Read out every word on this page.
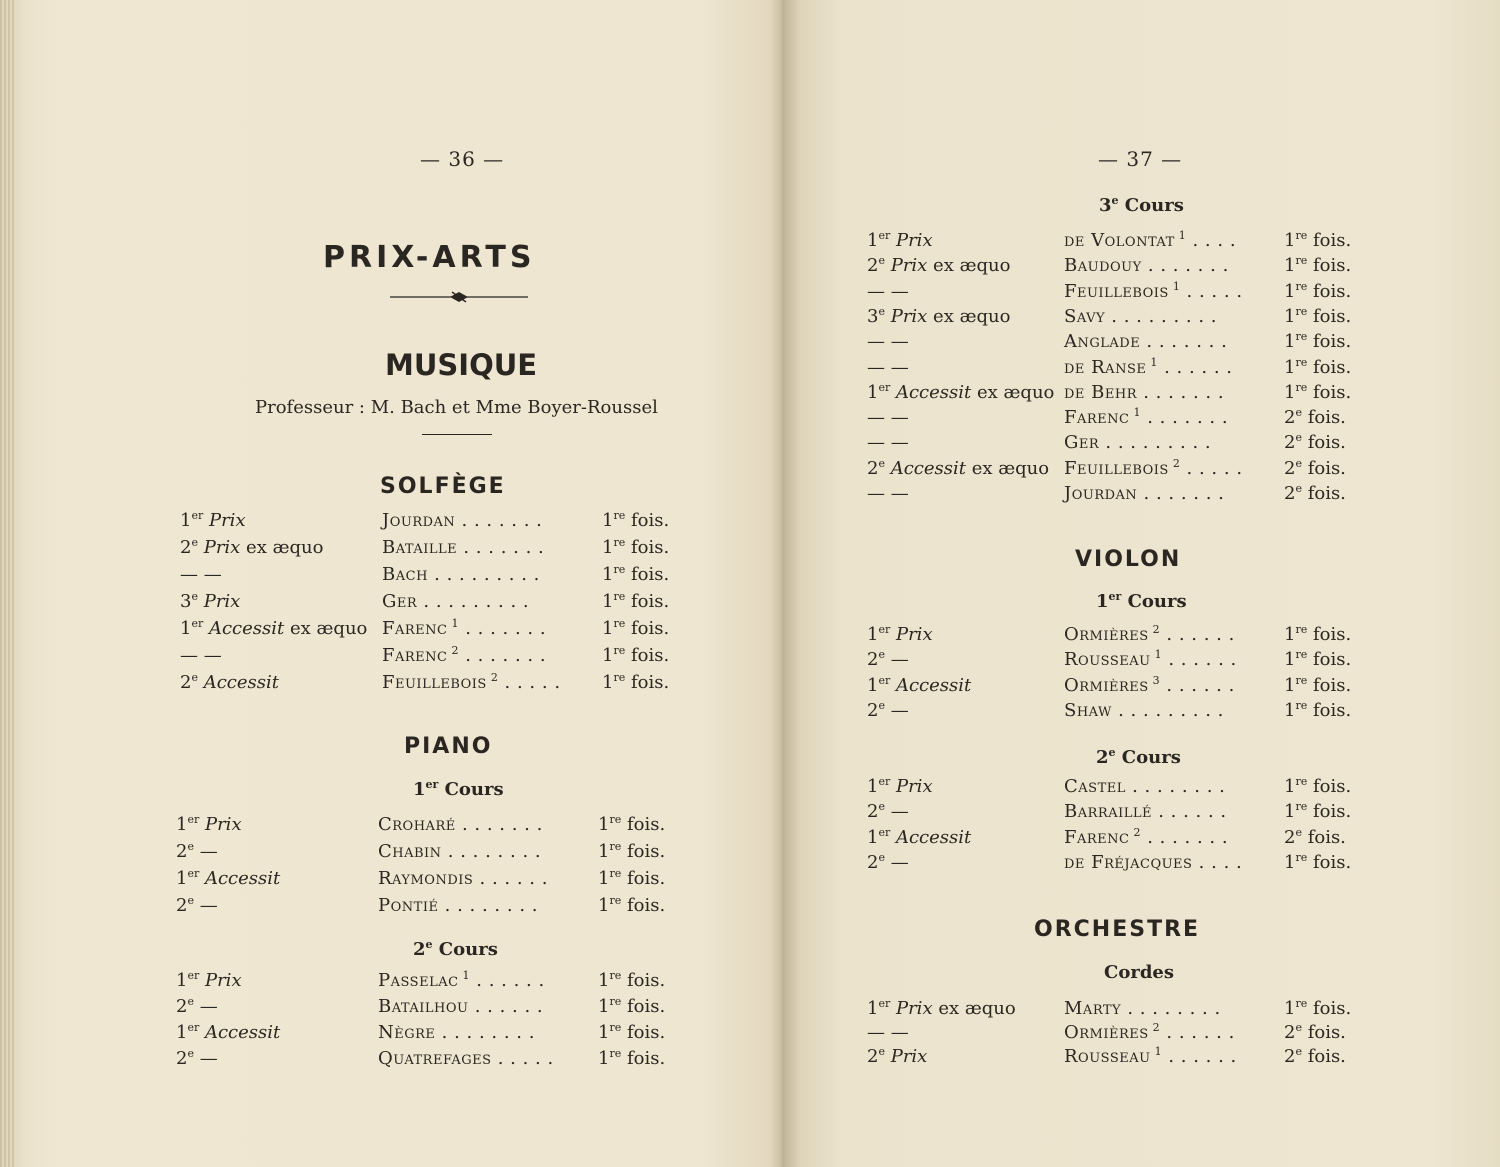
— 36 —
PRIX-ARTS
MUSIQUE
Professeur : M. Bach et Mme Boyer-Roussel
SOLFÈGE
1er Prix	Jourdan . . . . . . .	1re fois.
2e Prix ex æquo	Bataille . . . . . . .	1re fois.
— —	Bach . . . . . . . . .	1re fois.
3e Prix	Ger . . . . . . . . .	1re fois.
1er Accessit ex æquo Farenc $^1$ . . . . . . .	1re fois.
— —	Farenc $^2$ . . . . . . .	1re fois.
2e Accessit	Feuillebois $^2$ . . . . . 1re fois.
PIANO
1er Cours
1er Prix	Croharé . . . . . . .	1re fois.
2e —	Chabin . . . . . . . .	1re fois.
1er Accessit	Raymondis . . . . . .	1re fois.
2e —	Pontié . . . . . . . .	1re fois.
2e Cours
1er Prix	Passelac $^1$ . . . . . .	1re fois.
2e —	Batailhou . . . . . .	1re fois.
1er Accessit	Nègre . . . . . . . .	1re fois.
2e —	Quatrefages . . . . . 1re fois.
— 37 —
3e Cours
1er Prix	de Volontat $^1$ . . . .	1re fois.
2e Prix ex æquo	Baudouy . . . . . . .	1re fois.
— —	Feuillebois $^1$ . . . . . 1re fois.
3e Prix ex æquo	Savy . . . . . . . . .	1re fois.
— —	Anglade . . . . . . .	1re fois.
— —	de Ranse $^1$ . . . . . .	1re fois.
1er Accessit ex æquo de Behr . . . . . . .	1re fois.
— —	Farenc $^1$ . . . . . . .	2e fois.
— —	Ger . . . . . . . . .	2e fois.
2e Accessit ex æquo Feuillebois $^2$ . . . . . 2e fois.
— —	Jourdan . . . . . . .	2e fois.
VIOLON
1er Cours
1er Prix	Ormières $^2$ . . . . . .	1re fois.
2e —	Rousseau $^1$ . . . . . .	1re fois.
1er Accessit	Ormières $^3$ . . . . . .	1re fois.
2e —	Shaw . . . . . . . . .	1re fois.
2e Cours
1er Prix	Castel . . . . . . . .	1re fois.
2e —	Barraillé . . . . . .	1re fois.
1er Accessit	Farenc $^2$ . . . . . . .	2e fois.
2e —	de Fréjacques . . . . 1re fois.
ORCHESTRE
Cordes
1er Prix ex æquo	Marty . . . . . . . .	1re fois.
— —	Ormières $^2$ . . . . . .	2e fois.
2e Prix	Rousseau $^1$ . . . . . .	2e fois.
